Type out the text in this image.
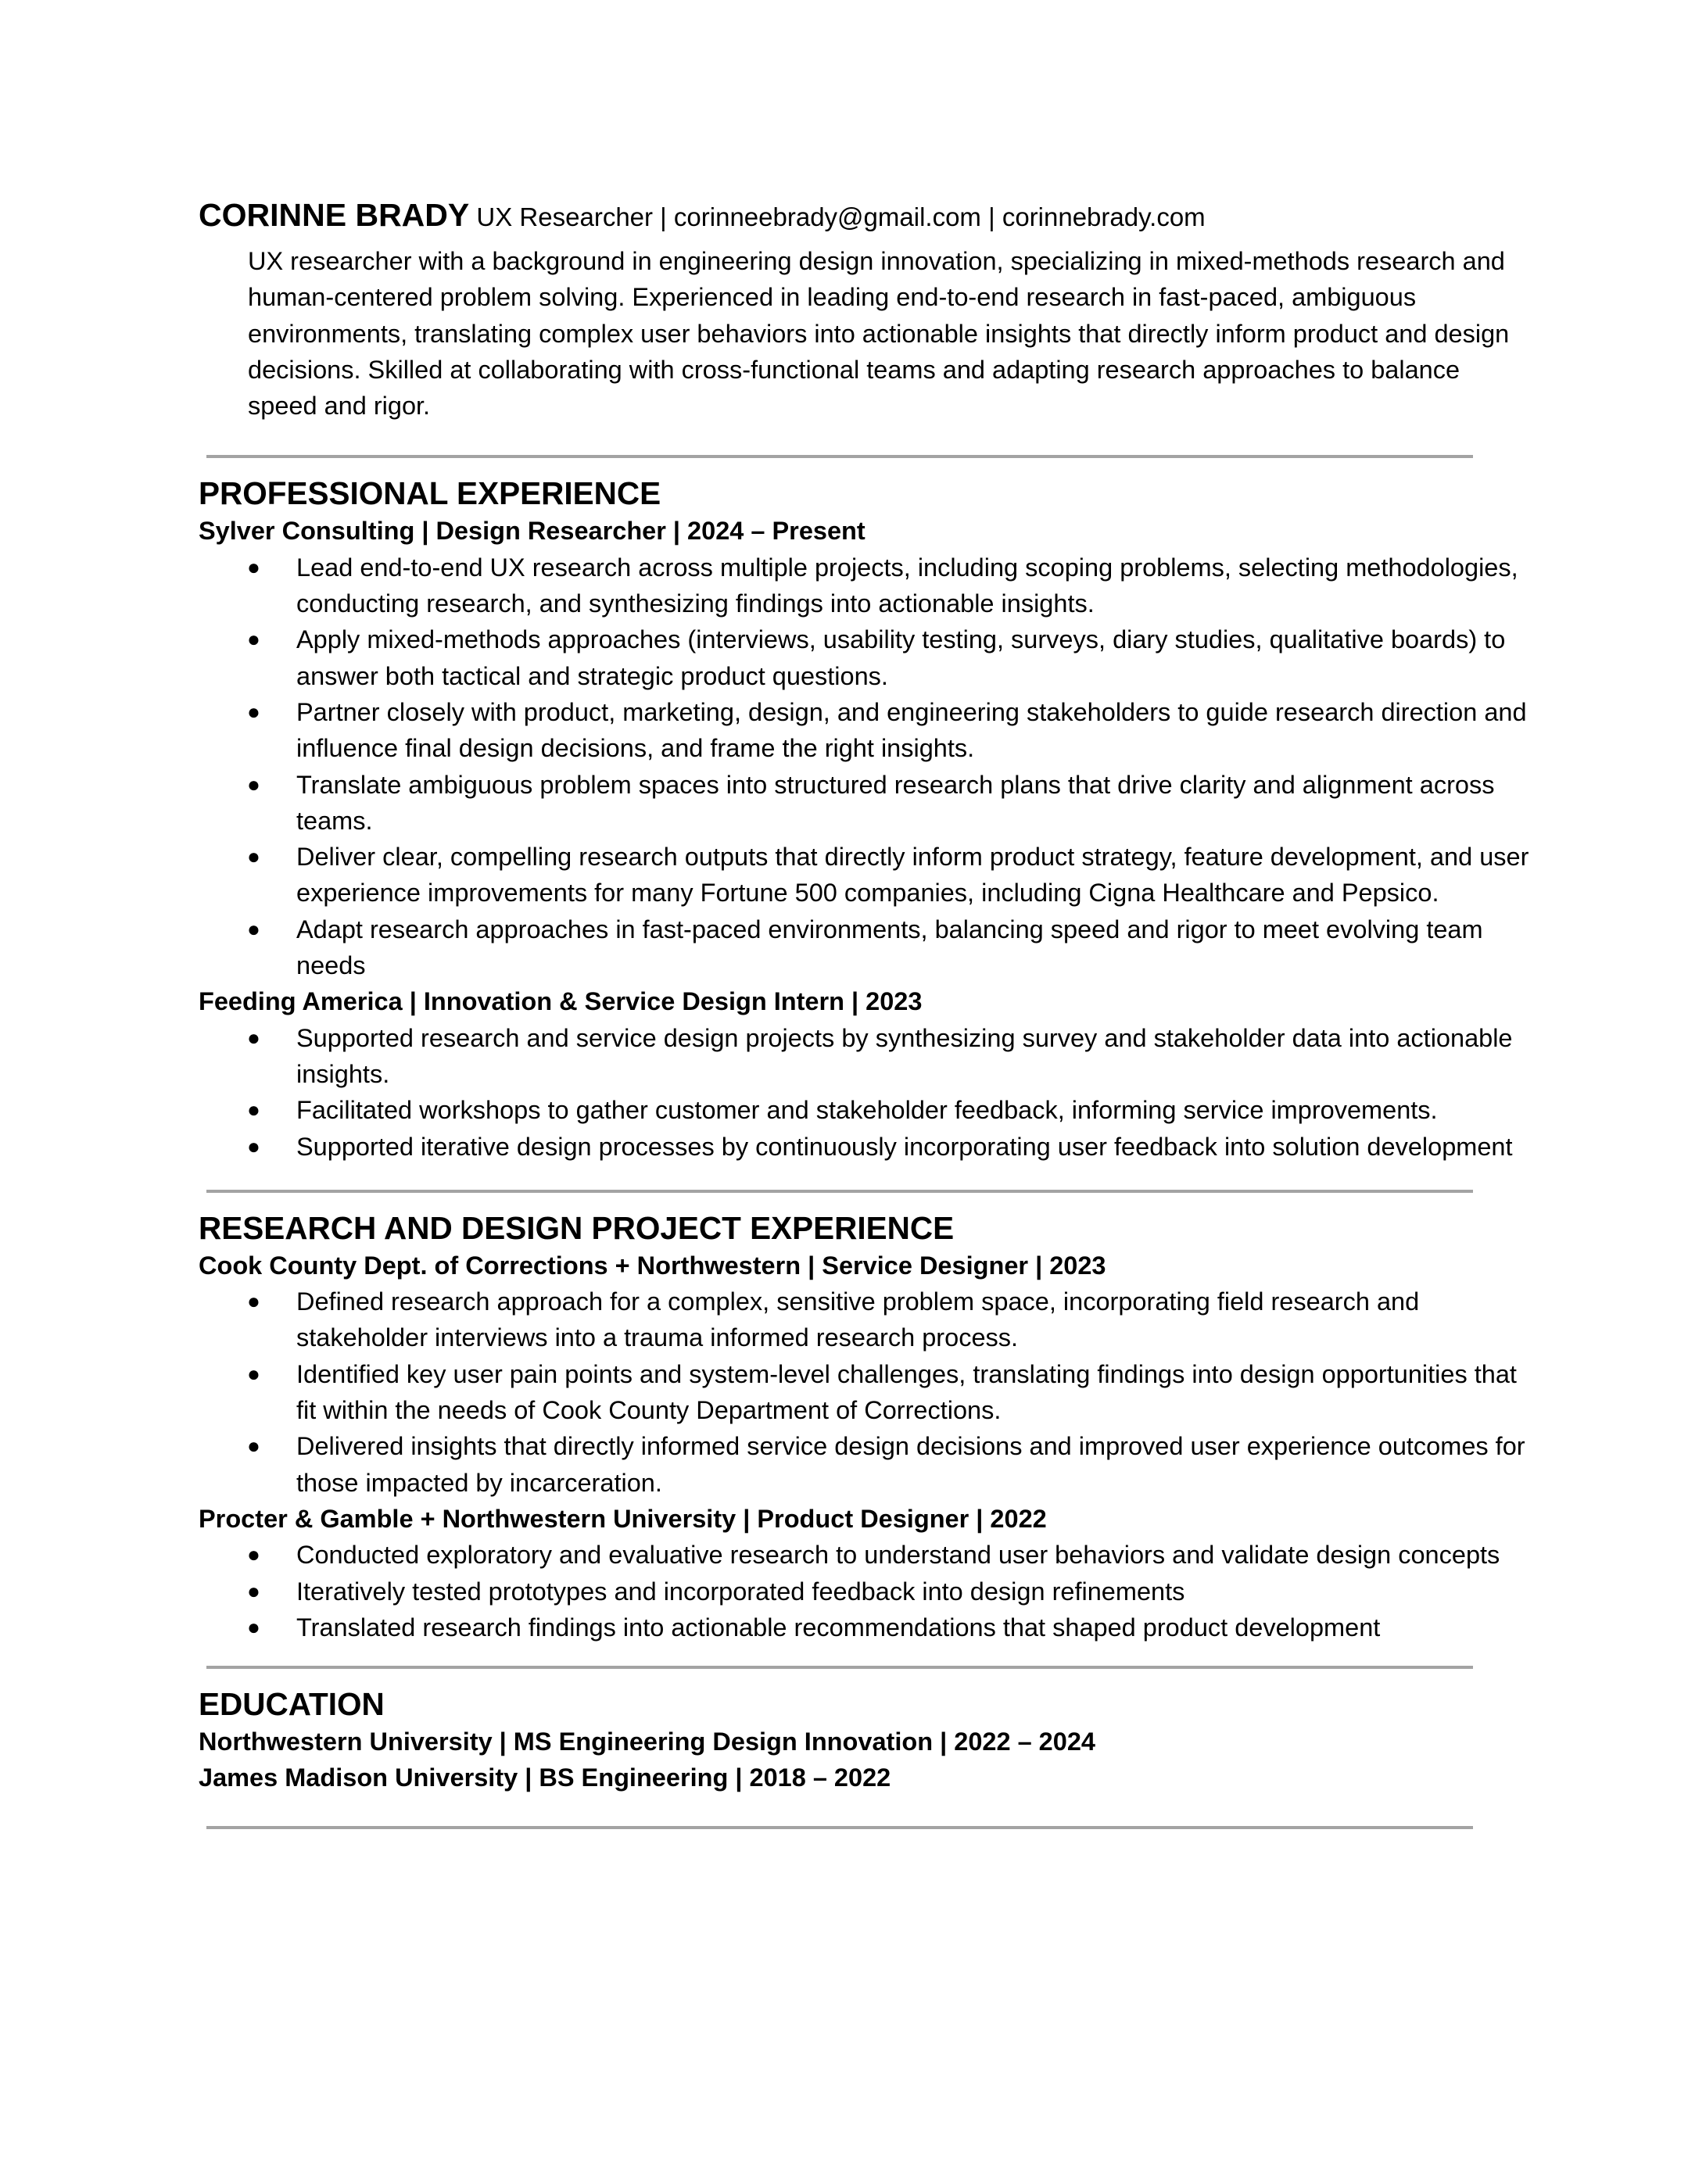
CORINNE BRADY UX Researcher | corinneebrady@gmail.com | corinnebrady.com
UX researcher with a background in engineering design innovation, specializing in mixed-methods research and human-centered problem solving. Experienced in leading end-to-end research in fast-paced, ambiguous environments, translating complex user behaviors into actionable insights that directly inform product and design decisions. Skilled at collaborating with cross-functional teams and adapting research approaches to balance speed and rigor.
PROFESSIONAL EXPERIENCE
Sylver Consulting | Design Researcher | 2024 – Present
● Lead end-to-end UX research across multiple projects, including scoping problems, selecting methodologies, conducting research, and synthesizing findings into actionable insights.
● Apply mixed-methods approaches (interviews, usability testing, surveys, diary studies, qualitative boards) to answer both tactical and strategic product questions.
● Partner closely with product, marketing, design, and engineering stakeholders to guide research direction and influence final design decisions, and frame the right insights.
● Translate ambiguous problem spaces into structured research plans that drive clarity and alignment across teams.
● Deliver clear, compelling research outputs that directly inform product strategy, feature development, and user experience improvements for many Fortune 500 companies, including Cigna Healthcare and Pepsico.
● Adapt research approaches in fast-paced environments, balancing speed and rigor to meet evolving team needs
Feeding America | Innovation & Service Design Intern | 2023
● Supported research and service design projects by synthesizing survey and stakeholder data into actionable insights.
● Facilitated workshops to gather customer and stakeholder feedback, informing service improvements.
● Supported iterative design processes by continuously incorporating user feedback into solution development
RESEARCH AND DESIGN PROJECT EXPERIENCE
Cook County Dept. of Corrections + Northwestern | Service Designer | 2023
● Defined research approach for a complex, sensitive problem space, incorporating field research and stakeholder interviews into a trauma informed research process.
● Identified key user pain points and system-level challenges, translating findings into design opportunities that fit within the needs of Cook County Department of Corrections.
● Delivered insights that directly informed service design decisions and improved user experience outcomes for those impacted by incarceration.
Procter & Gamble + Northwestern University | Product Designer | 2022
● Conducted exploratory and evaluative research to understand user behaviors and validate design concepts
● Iteratively tested prototypes and incorporated feedback into design refinements
● Translated research findings into actionable recommendations that shaped product development
EDUCATION
Northwestern University | MS Engineering Design Innovation | 2022 – 2024
James Madison University | BS Engineering | 2018 – 2022
